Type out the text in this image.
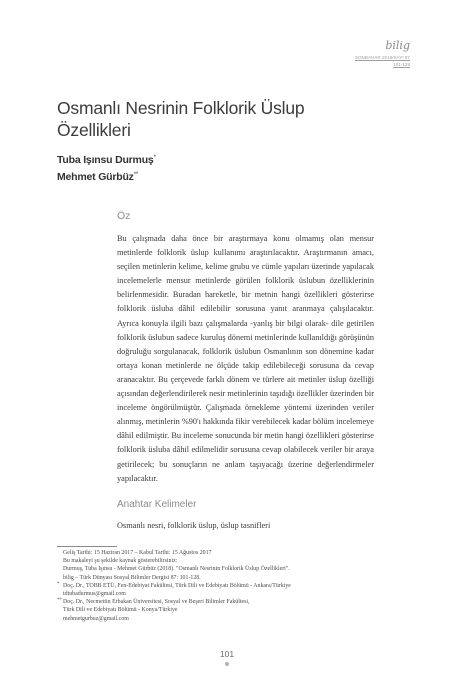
bilig
SONBAHAR 2018/SAYI 87
101-128
Osmanlı Nesrinin Folklorik Üslup Özellikleri
Tuba Işınsu Durmuş*
Mehmet Gürbüz**
Öz

Bu çalışmada daha önce bir araştırmaya konu olmamış olan mensur metinlerde folklorik üslup kullanımı araştırılacaktır. Araştırmanın amacı, seçilen metinlerin kelime, kelime grubu ve cümle yapıları üzerinde yapılacak incelemelerle mensur metinlerde görülen folklorik üslubun özelliklerinin belirlenmesidir. Buradan hareketle, bir metnin hangi özellikleri gösterirse folklorik üsluba dâhil edilebilir sorusuna yanıt aranmaya çalışılacaktır. Ayrıca konuyla ilgili bazı çalışmalarda -yanlış bir bilgi olarak- dile getirilen folklorik üslubun sadece kuruluş dönemi metinlerinde kullanıldığı görüşünün doğruluğu sorgulanacak, folklorik üslubun Osmanlının son dönemine kadar ortaya konan metinlerde ne ölçüde takip edilebileceği sorusuna da cevap aranacaktır. Bu çerçevede farklı dönem ve türlere ait metinler üslup özelliği açısından değerlendirilerek nesir metinlerinin taşıdığı özellikler üzerinden bir inceleme öngörülmüştür. Çalışmada örnekleme yöntemi üzerinden veriler alınmış, metinlerin %90'ı hakkında fikir verebilecek kadar bölüm incelemeye dâhil edilmiştir. Bu inceleme sonucunda bir metin hangi özellikleri gösterirse folklorik üsluba dâhil edilmelidir sorusuna cevap olabilecek veriler bir araya getirilecek; bu sonuçların ne anlam taşıyacağı üzerine değerlendirmeler yapılacaktır.

Anahtar Kelimeler
Osmanlı nesri, folklorik üslup, üslup tasnifleri

Geliş Tarihi: 15 Haziran 2017 – Kabul Tarihi: 15 Ağustos 2017

Bu makaleyi şu şekilde kaynak gösterebilirsiniz:

Durmuş, Tuba Işınsu - Mehmet Gürbüz (2018). "Osmanlı Nesrinin Folklorik Üslup Özellikleri".

bilig – Türk Dünyası Sosyal Bilimler Dergisi 87: 101-128.

* Doç. Dr., TOBB ETÜ, Fen-Edebiyat Fakültesi, Türk Dili ve Edebiyatı Bölümü - Ankara/Türkiye

tdtubadurmus@gmail.com

** Doç. Dr., Necmettin Erbakan Üniversitesi, Sosyal ve Beşeri Bilimler Fakültesi,

Türk Dili ve Edebiyatı Bölümü - Konya/Türkiye

mehmetgurbuz@gmail.com

101
